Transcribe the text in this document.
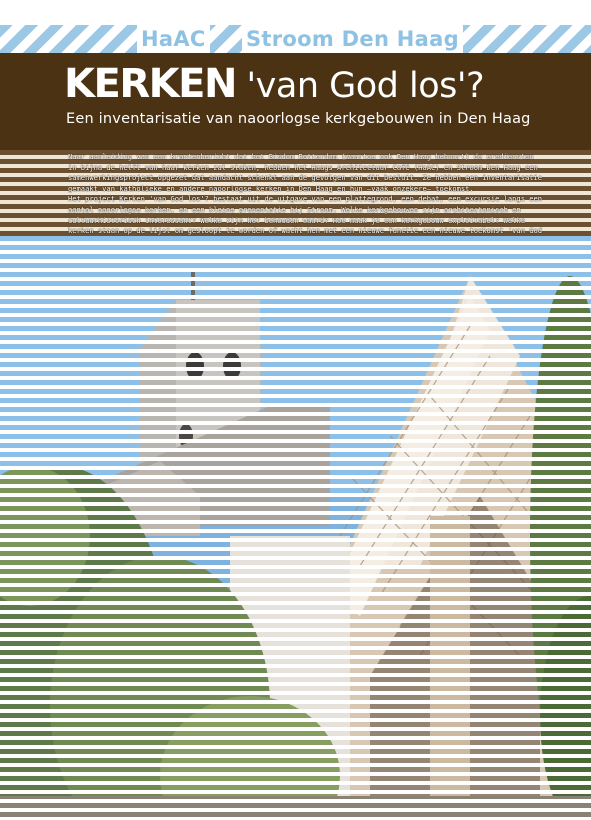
HaAC Stroom Den Haag
KERKEN 'van God los'?
Een inventarisatie van naoorlogse kerkgebouwen in Den Haag

Naar aanleiding van een krantenbericht dat het Bisdom Rotterdam (waartoe ook Den Haag behoort) de erediensten in bijna de helft van haar kerken zal staken, hebben het Haags Architectuur Café (HaAC) en Stroom Den Haag een samenwerkingsproject opgezet dat aandacht schenkt aan de gevolgen van dit besluit. Ze hebben een inventarisatie gemaakt van katholieke en andere naoorlogse kerken in Den Haag en hun –vaak onzekere– toekomst.

Het project Kerken 'van God los'? bestaat uit de uitgave van een plattegrond, een debat, een excursie langs een aantal naoorlogse kerken, en een kleine presentatie bij Stroom. Welke kerkgebouwen zijn architectonisch en cultuurhistorisch interessant? Welke zijn het behouden waard? Hoe maak je een kerkgebouw exploitabel? Welke kerken staan op de lijst om gesloopt te worden of wacht hen met een nieuwe functie een nieuwe toekomst 'van God
